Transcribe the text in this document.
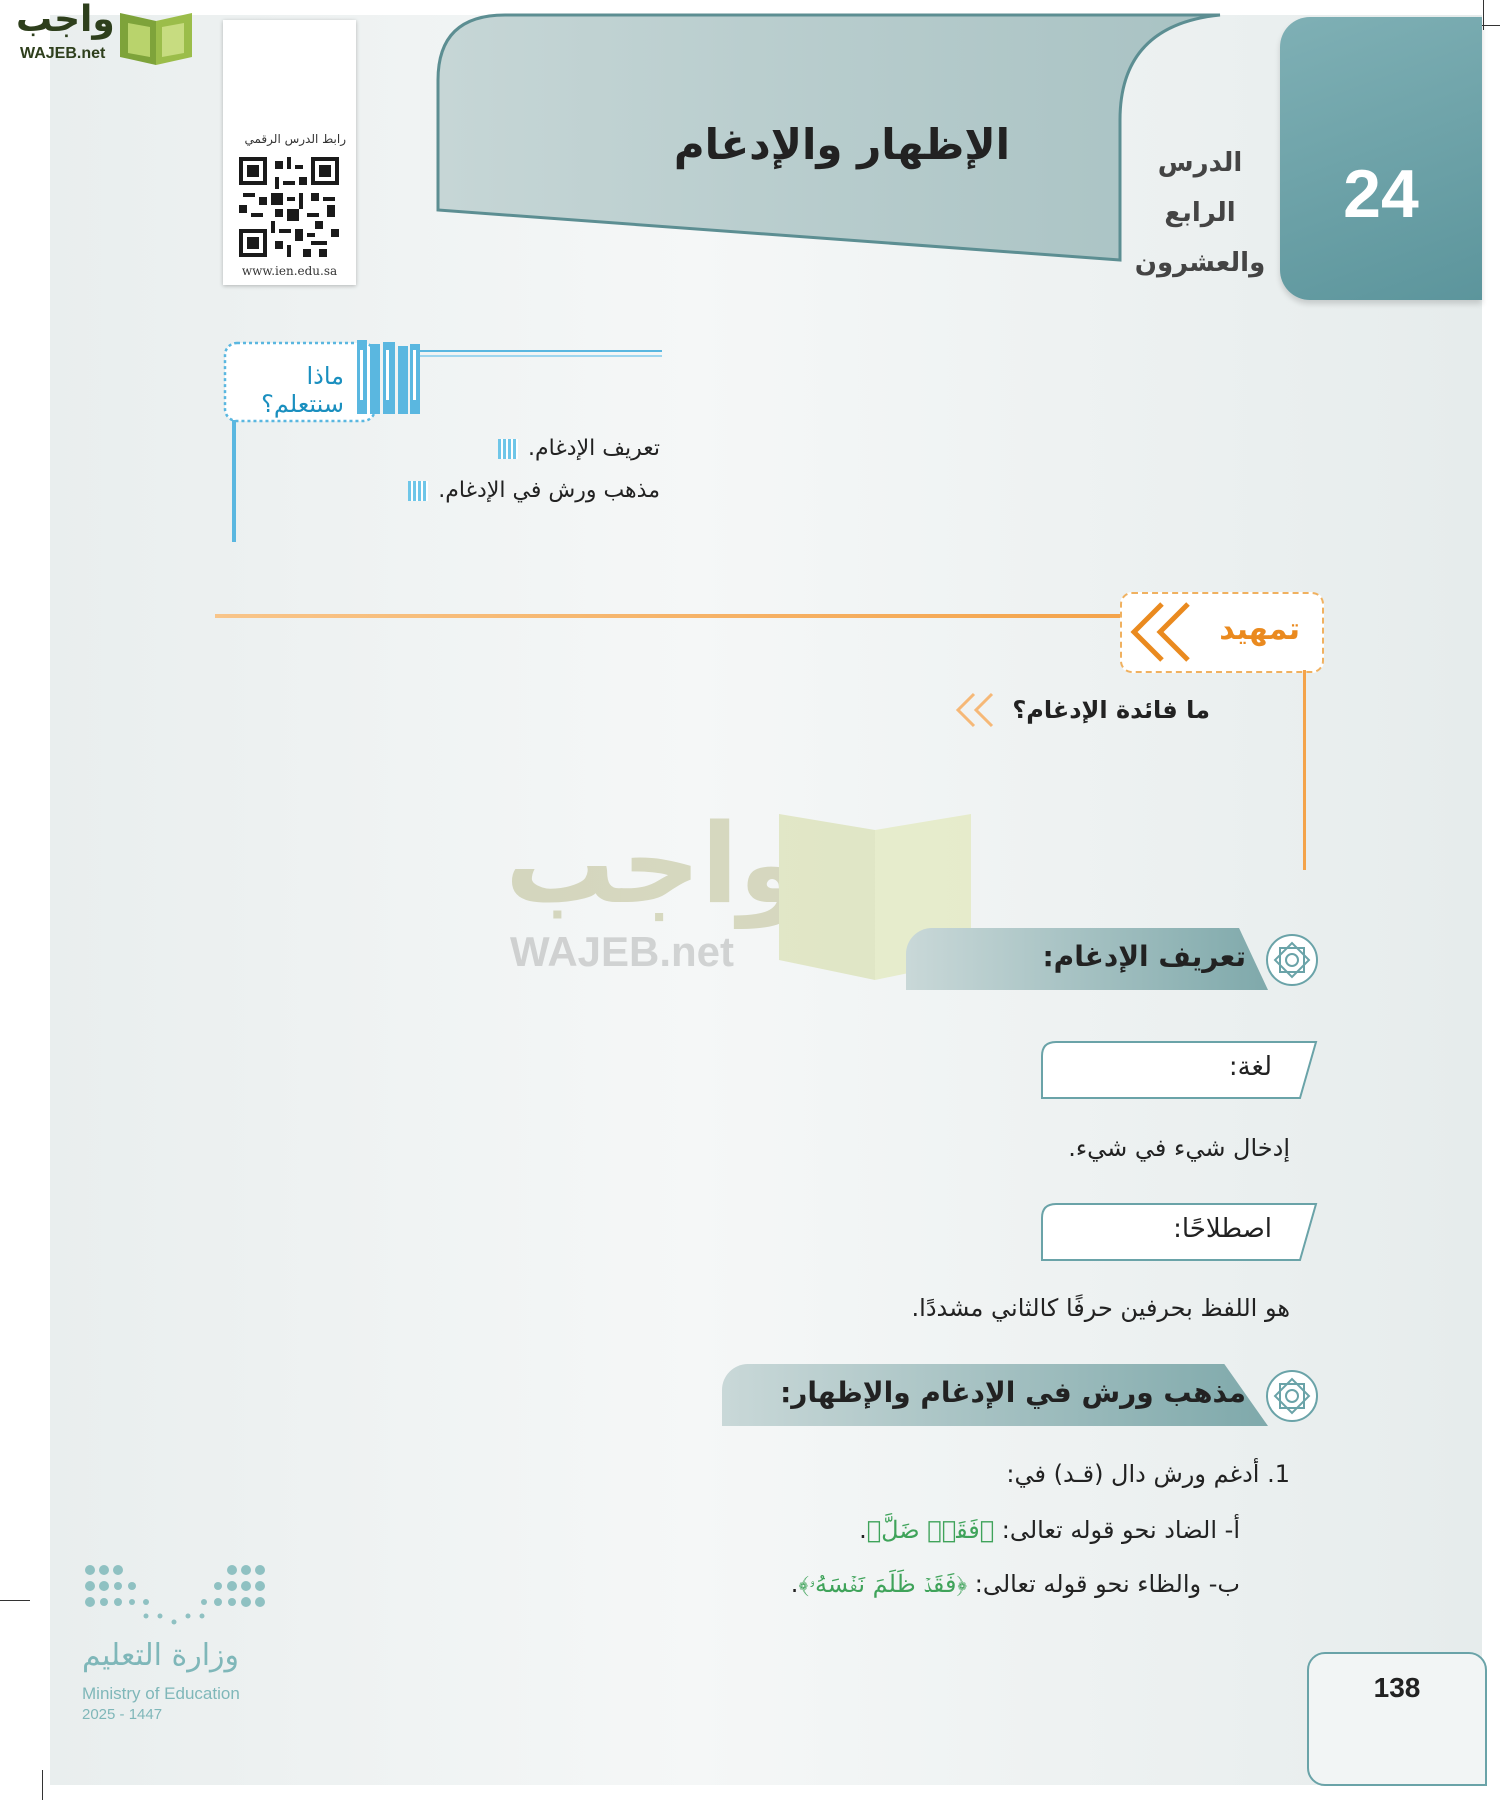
واجب
WAJEB.net
رابط الدرس الرقمي
www.ien.edu.sa
الإظهار والإدغام	الدرس الرابع
والعشرون
24
ماذا
سنتعلم؟
تعريف الإدغام.
مذهب ورش ﻓﻲ الإدغام.
تمهيد
ما فائدة الإدغام؟
واجب
WAJEB.net	تعريف الإدغام:
لغة:
إدخال شيء ﻓﻲ شيء.
اصطلاحًا:
هو اللفظ بحرفين حرفًا كالثاني مشددًا.
مذهب ورش في الإدغام والإظهار:
1. أدغم ورش دال (قـد) ﻓﻲ:
أ- الضاد نحو قوله تعالى: ﴿فَقَدۡ ضَلَّ﴾.
ب- والظاء نحو قوله تعالى: ﴿فَقَدۡ ظَلَمَ نَفۡسَهُۥ﴾.
وزارة التعليم
Ministry of Education
2025 - 1447
138
